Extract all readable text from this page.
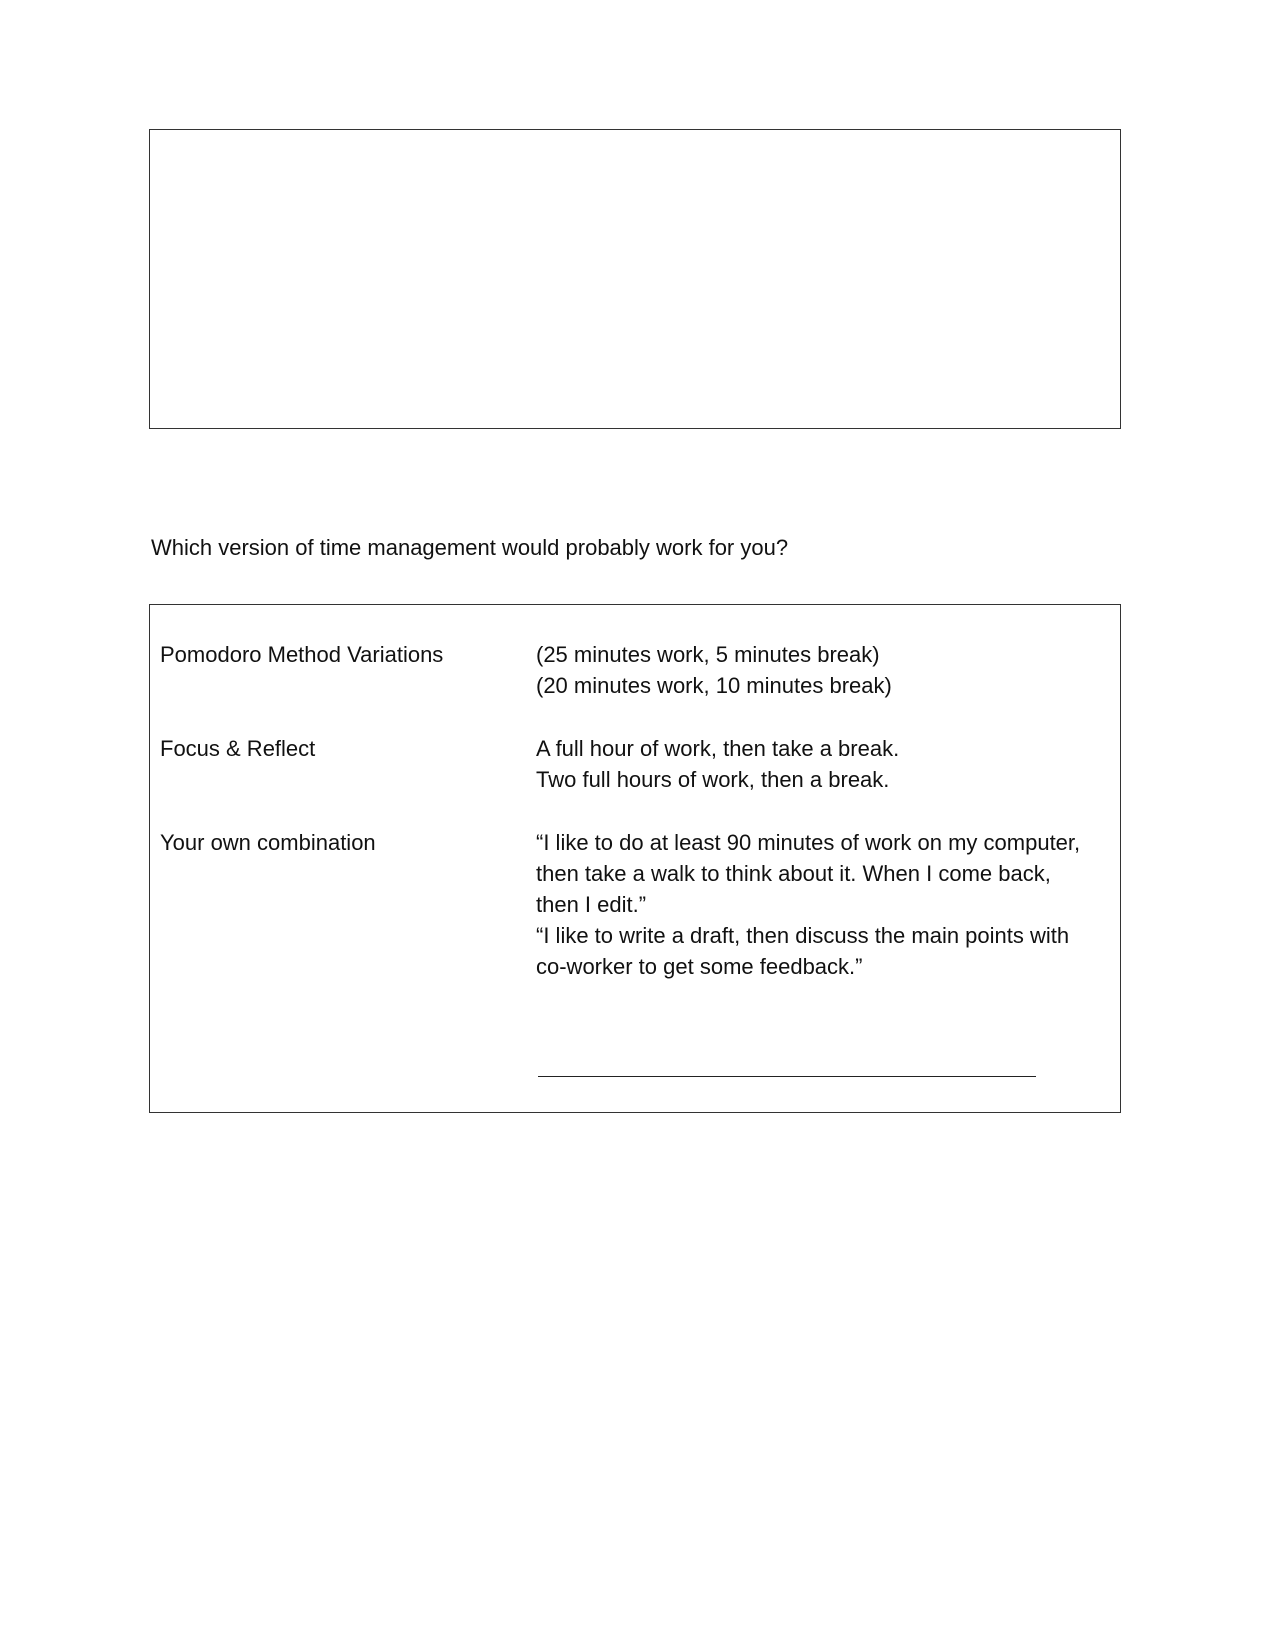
Which version of time management would probably work for you?
Pomodoro Method Variations	(25 minutes work, 5 minutes break)
(20 minutes work, 10 minutes break)
Focus & Reflect	A full hour of work, then take a break.
Two full hours of work, then a break.
Your own combination	“I like to do at least 90 minutes of work on my computer,
then take a walk to think about it. When I come back,
then I edit.”
“I like to write a draft, then discuss the main points with
co-worker to get some feedback.”
